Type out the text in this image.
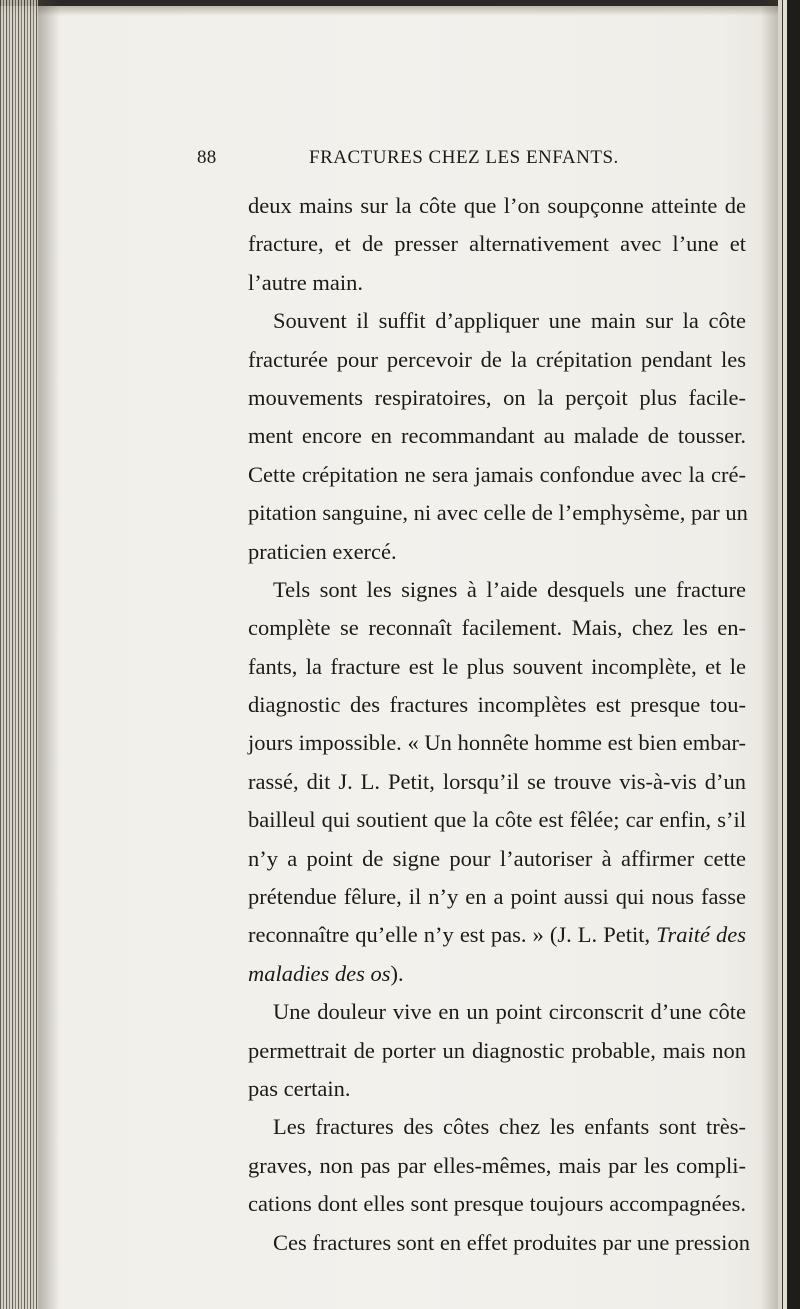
88	FRACTURES CHEZ LES ENFANTS.
deux mains sur la côte que l’on soupçonne atteinte de
fracture, et de presser alternativement avec l’une et
l’autre main.
Souvent il suffit d’appliquer une main sur la côte
fracturée pour percevoir de la crépitation pendant les
mouvements respiratoires, on la perçoit plus facile-
ment encore en recommandant au malade de tousser.
Cette crépitation ne sera jamais confondue avec la cré-
pitation sanguine, ni avec celle de l’emphysème, par un
praticien exercé.
Tels sont les signes à l’aide desquels une fracture
complète se reconnaît facilement. Mais, chez les en-
fants, la fracture est le plus souvent incomplète, et le
diagnostic des fractures incomplètes est presque tou-
jours impossible. « Un honnête homme est bien embar-
rassé, dit J. L. Petit, lorsqu’il se trouve vis-à-vis d’un
bailleul qui soutient que la côte est fêlée; car enfin, s’il
n’y a point de signe pour l’autoriser à affirmer cette
prétendue fêlure, il n’y en a point aussi qui nous fasse
reconnaître qu’elle n’y est pas. » (J. L. Petit, Traité des
maladies des os).
Une douleur vive en un point circonscrit d’une côte
permettrait de porter un diagnostic probable, mais non
pas certain.
Les fractures des côtes chez les enfants sont très-
graves, non pas par elles-mêmes, mais par les compli-
cations dont elles sont presque toujours accompagnées.
Ces fractures sont en effet produites par une pression
